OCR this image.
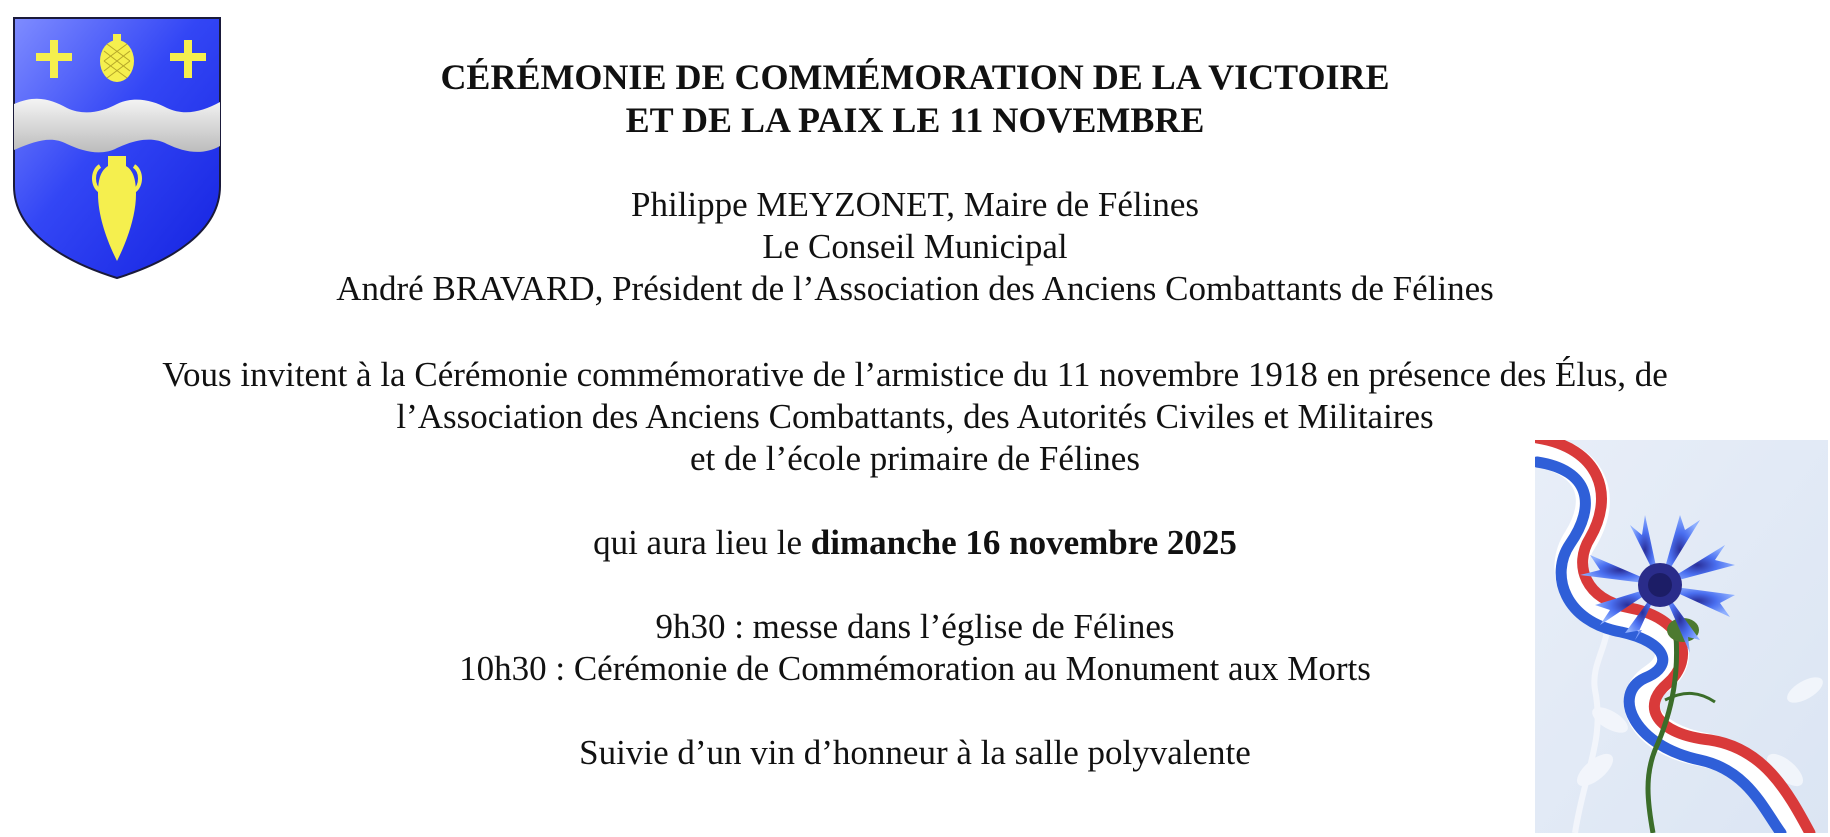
CÉRÉMONIE DE COMMÉMORATION DE LA VICTOIRE
ET DE LA PAIX LE 11 NOVEMBRE
Philippe MEYZONET, Maire de Félines
Le Conseil Municipal
André BRAVARD, Président de l’Association des Anciens Combattants de Félines
Vous invitent à la Cérémonie commémorative de l’armistice du 11 novembre 1918 en présence des Élus, de
l’Association des Anciens Combattants, des Autorités Civiles et Militaires
et de l’école primaire de Félines
qui aura lieu le dimanche 16 novembre 2025
9h30 : messe dans l’église de Félines
10h30 : Cérémonie de Commémoration au Monument aux Morts
Suivie d’un vin d’honneur à la salle polyvalente
